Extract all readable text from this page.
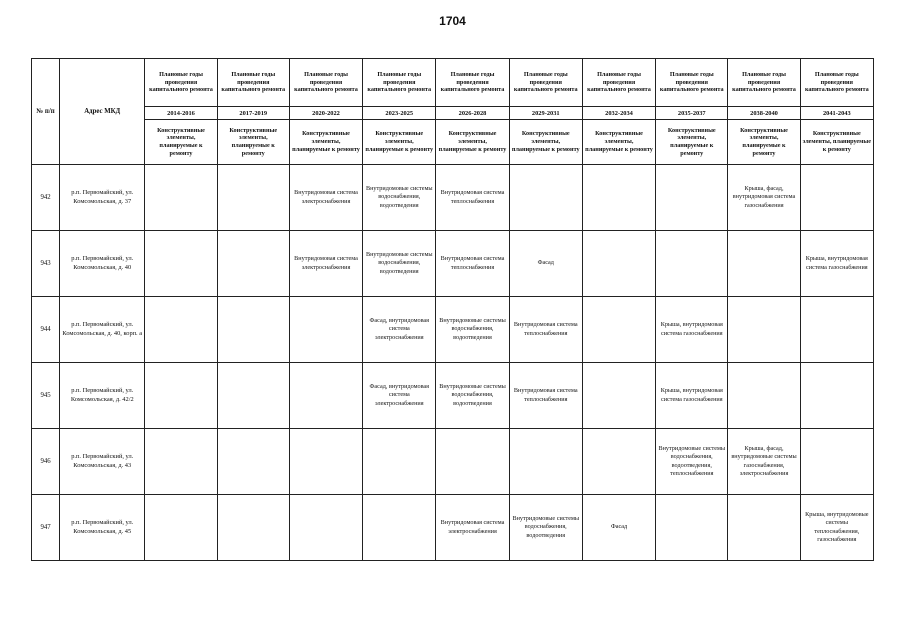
1704
№ п/п	Адрес МКД	Плановые годы проведения капитального ремонта	Плановые годы проведения капитального ремонта	Плановые годы проведения капитального ремонта	Плановые годы проведения капитального ремонта	Плановые годы проведения капитального ремонта	Плановые годы проведения капитального ремонта	Плановые годы проведения капитального ремонта	Плановые годы проведения капитального ремонта	Плановые годы проведения капитального ремонта	Плановые годы проведения капитального ремонта
		2014-2016	2017-2019	2020-2022	2023-2025	2026-2028	2029-2031	2032-2034	2035-2037	2038-2040	2041-2043
		Конструктивные элементы, планируемые к ремонту	Конструктивные элементы, планируемые к ремонту	Конструктивные элементы, планируемые к ремонту	Конструктивные элементы, планируемые к ремонту	Конструктивные элементы, планируемые к ремонту	Конструктивные элементы, планируемые к ремонту	Конструктивные элементы, планируемые к ремонту	Конструктивные элементы, планируемые к ремонту	Конструктивные элементы, планируемые к ремонту	Конструктивные элементы, планируемые к ремонту
942	р.п. Первомайский, ул. Комсомольская, д. 37			Внутридомовая система электроснабжения	Внутридомовые системы водоснабжения, водоотведения	Внутридомовая система теплоснабжения				Крыша, фасад, внутридомовая система газоснабжения	
943	р.п. Первомайский, ул. Комсомольская, д. 40			Внутридомовая система электроснабжения	Внутридомовые системы водоснабжения, водоотведения	Внутридомовая система теплоснабжения	Фасад				Крыша, внутридомовая система газоснабжения
944	р.п. Первомайский, ул. Комсомольская, д. 40, корп. а				Фасад, внутридомовая система электроснабжения	Внутридомовые системы водоснабжения, водоотведения	Внутридомовая система теплоснабжения		Крыша, внутридомовая система газоснабжения		
945	р.п. Первомайский, ул. Комсомольская, д. 42/2				Фасад, внутридомовая система электроснабжения	Внутридомовые системы водоснабжения, водоотведения	Внутридомовая система теплоснабжения		Крыша, внутридомовая система газоснабжения		
946	р.п. Первомайский, ул. Комсомольская, д. 43								Внутридомовые системы водоснабжения, водоотведения, теплоснабжения	Крыша, фасад, внутридомовые системы газоснабжения, электроснабжения	
947	р.п. Первомайский, ул. Комсомольская, д. 45					Внутридомовая система электроснабжения	Внутридомовые системы водоснабжения, водоотведения	Фасад			Крыша, внутридомовые системы теплоснабжения, газоснабжения
